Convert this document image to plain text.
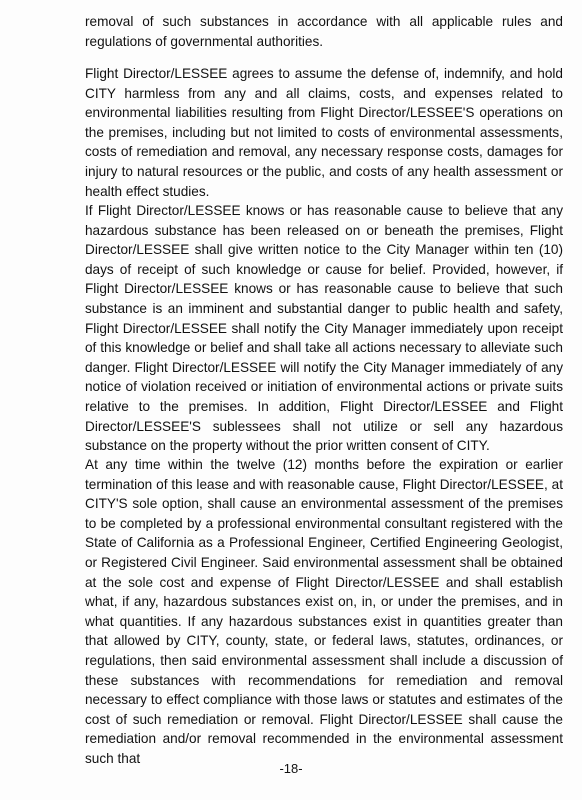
removal of such substances in accordance with all applicable rules and regulations of governmental authorities.

Flight Director/LESSEE agrees to assume the defense of, indemnify, and hold CITY harmless from any and all claims, costs, and expenses related to environmental liabilities resulting from Flight Director/LESSEE'S operations on the premises, including but not limited to costs of environmental assessments, costs of remediation and removal, any necessary response costs, damages for injury to natural resources or the public, and costs of any health assessment or health effect studies.

If Flight Director/LESSEE knows or has reasonable cause to believe that any hazardous substance has been released on or beneath the premises, Flight Director/LESSEE shall give written notice to the City Manager within ten (10) days of receipt of such knowledge or cause for belief. Provided, however, if Flight Director/LESSEE knows or has reasonable cause to believe that such substance is an imminent and substantial danger to public health and safety, Flight Director/LESSEE shall notify the City Manager immediately upon receipt of this knowledge or belief and shall take all actions necessary to alleviate such danger. Flight Director/LESSEE will notify the City Manager immediately of any notice of violation received or initiation of environmental actions or private suits relative to the premises. In addition, Flight Director/LESSEE and Flight Director/LESSEE'S sublessees shall not utilize or sell any hazardous substance on the property without the prior written consent of CITY.

At any time within the twelve (12) months before the expiration or earlier termination of this lease and with reasonable cause, Flight Director/LESSEE, at CITY'S sole option, shall cause an environmental assessment of the premises to be completed by a professional environmental consultant registered with the State of California as a Professional Engineer, Certified Engineering Geologist, or Registered Civil Engineer. Said environmental assessment shall be obtained at the sole cost and expense of Flight Director/LESSEE and shall establish what, if any, hazardous substances exist on, in, or under the premises, and in what quantities. If any hazardous substances exist in quantities greater than that allowed by CITY, county, state, or federal laws, statutes, ordinances, or regulations, then said environmental assessment shall include a discussion of these substances with recommendations for remediation and removal necessary to effect compliance with those laws or statutes and estimates of the cost of such remediation or removal. Flight Director/LESSEE shall cause the remediation and/or removal recommended in the environmental assessment such that

-18-
